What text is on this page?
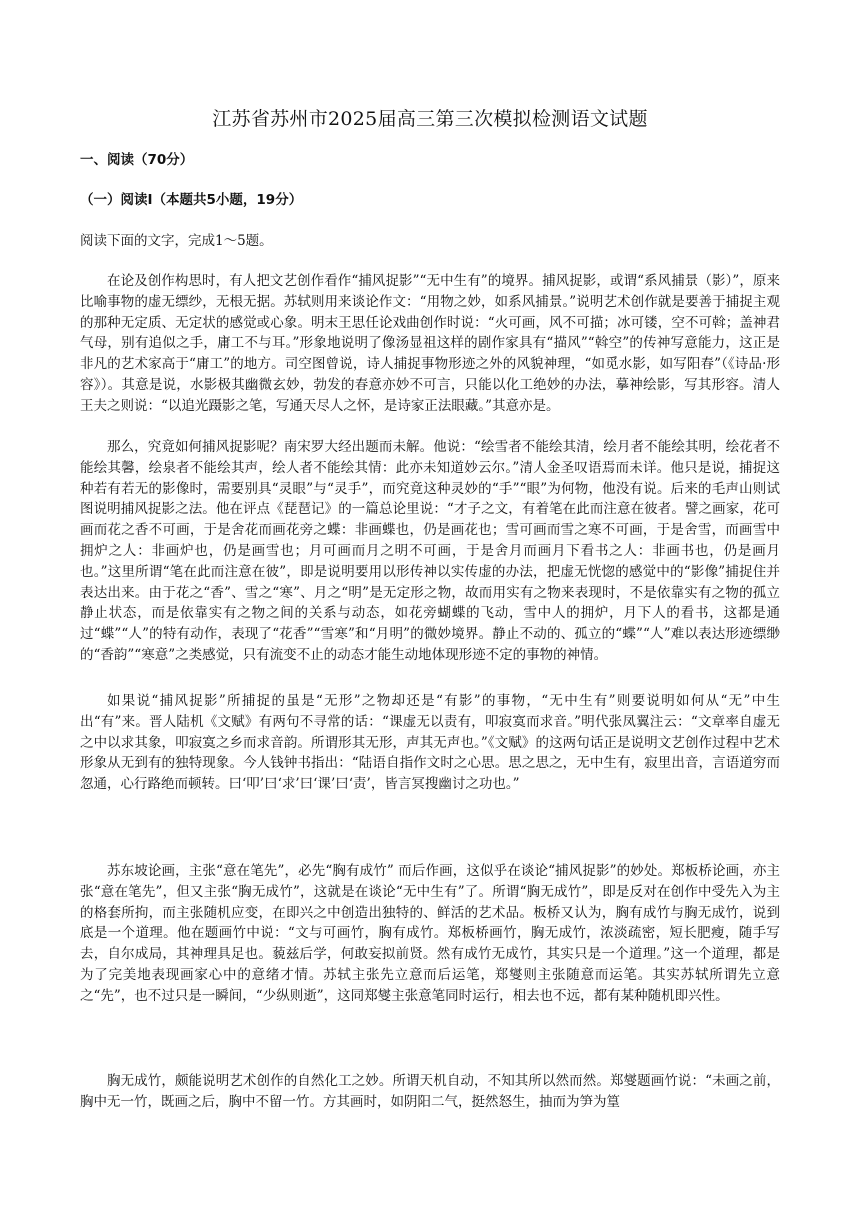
江苏省苏州市2025届高三第三次模拟检测语文试题
一、阅读（70分）
（一）阅读Ⅰ（本题共5小题，19分）
阅读下面的文字，完成1～5题。

在论及创作构思时，有人把文艺创作看作“捕风捉影”“无中生有”的境界。捕风捉影，或谓“系风捕景（影）”，原来比喻事物的虚无缥纱，无根无据。苏轼则用来谈论作文：“用物之妙，如系风捕景。”说明艺术创作就是要善于捕捉主观的那种无定质、无定状的感觉或心象。明末王思任论戏曲创作时说：“火可画，风不可描；冰可镂，空不可斡；盖神君气母，别有追似之手，庸工不与耳。”形象地说明了像汤显祖这样的剧作家具有“描风”“斡空”的传神写意能力，这正是非凡的艺术家高于“庸工”的地方。司空图曾说，诗人捕捉事物形迹之外的风貌神理，“如觅水影，如写阳春”（《诗品·形容》）。其意是说，水影极其幽微玄妙，勃发的春意亦妙不可言，只能以化工绝妙的办法，摹神绘影，写其形容。清人王夫之则说：“以追光蹑影之笔，写通天尽人之怀，是诗家正法眼藏。”其意亦是。

那么，究竟如何捕风捉影呢？南宋罗大经出题而未解。他说：“绘雪者不能绘其清，绘月者不能绘其明，绘花者不能绘其馨，绘泉者不能绘其声，绘人者不能绘其情：此亦未知道妙云尔。”清人金圣叹语焉而未详。他只是说，捕捉这种若有若无的影像时，需要别具“灵眼”与“灵手”，而究竟这种灵妙的“手”“眼”为何物，他没有说。后来的毛声山则试图说明捕风捉影之法。他在评点《琵琶记》的一篇总论里说：“才子之文，有着笔在此而注意在彼者。譬之画家，花可画而花之香不可画，于是舍花而画花旁之蝶：非画蝶也，仍是画花也；雪可画而雪之寒不可画，于是舍雪，而画雪中拥炉之人：非画炉也，仍是画雪也；月可画而月之明不可画，于是舍月而画月下看书之人：非画书也，仍是画月也。”这里所谓“笔在此而注意在彼”，即是说明要用以形传神以实传虚的办法，把虚无恍惚的感觉中的“影像”捕捉住并表达出来。由于花之“香”、雪之“寒”、月之“明”是无定形之物，故而用实有之物来表现时，不是依靠实有之物的孤立静止状态，而是依靠实有之物之间的关系与动态，如花旁蝴蝶的飞动，雪中人的拥炉，月下人的看书，这都是通过“蝶”“人”的特有动作，表现了“花香”“雪寒”和“月明”的微妙境界。静止不动的、孤立的“蝶”“人”难以表达形迹缥缈的“香韵”“寒意”之类感觉，只有流变不止的动态才能生动地体现形迹不定的事物的神情。

如果说“捕风捉影”所捕捉的虽是“无形”之物却还是“有影”的事物，“无中生有”则要说明如何从“无”中生出“有”来。晋人陆机《文赋》有两句不寻常的话：“课虚无以责有，叩寂寞而求音。”明代张凤翼注云：“文章率自虚无之中以求其象，叩寂寞之乡而求音韵。所谓形其无形，声其无声也。”《文赋》的这两句话正是说明文艺创作过程中艺术形象从无到有的独特现象。今人钱钟书指出：“陆语自指作文时之心思。思之思之，无中生有，寂里出音，言语道穷而忽通，心行路绝而顿转。曰‘叩’曰‘求’曰‘课’曰‘责’，皆言冥搜幽讨之功也。”

苏东坡论画，主张“意在笔先”，必先“胸有成竹” 而后作画，这似乎在谈论“捕风捉影”的妙处。郑板桥论画，亦主张“意在笔先”，但又主张“胸无成竹”，这就是在谈论“无中生有”了。所谓“胸无成竹”，即是反对在创作中受先入为主的格套所拘，而主张随机应变，在即兴之中创造出独特的、鲜活的艺术品。板桥又认为，胸有成竹与胸无成竹，说到底是一个道理。他在题画竹中说：“文与可画竹，胸有成竹。郑板桥画竹，胸无成竹，浓淡疏密，短长肥瘦，随手写去，自尔成局，其神理具足也。藐兹后学，何敢妄拟前贤。然有成竹无成竹，其实只是一个道理。”这一个道理，都是为了完美地表现画家心中的意绪才情。苏轼主张先立意而后运笔，郑燮则主张随意而运笔。其实苏轼所谓先立意之“先”，也不过只是一瞬间，“少纵则逝”，这同郑燮主张意笔同时运行，相去也不远，都有某种随机即兴性。

胸无成竹，颇能说明艺术创作的自然化工之妙。所谓天机自动，不知其所以然而然。郑燮题画竹说：“未画之前，胸中无一竹，既画之后，胸中不留一竹。方其画时，如阴阳二气，挺然怒生，抽而为笋为篁
